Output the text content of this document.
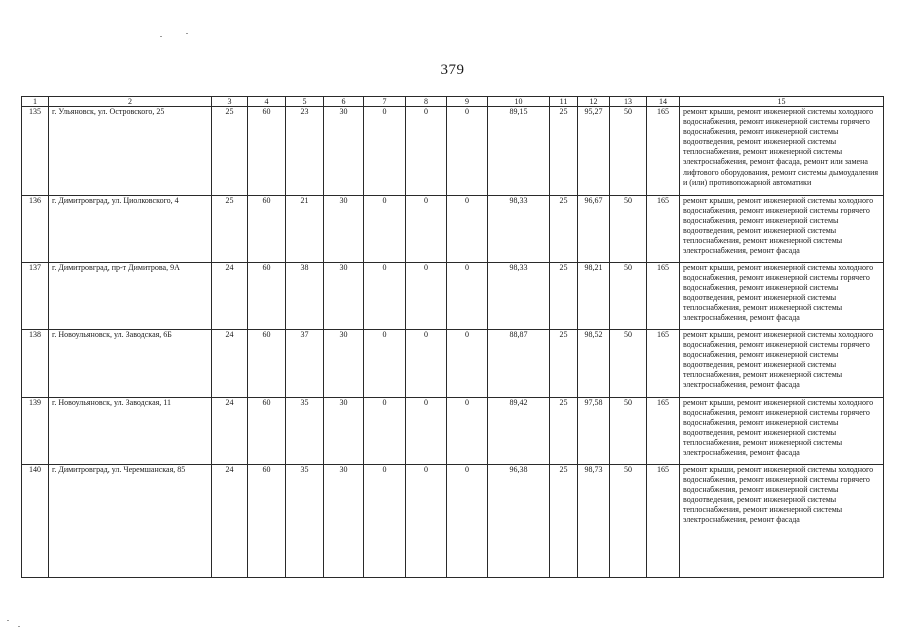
379
1	2	3	4	5	6	7	8	9	10	11	12	13	14	15
135	г. Ульяновск, ул. Островского, 25	25	60	23	30	0	0	0	89,15	25	95,27	50	165	ремонт крыши, ремонт инженерной системы холодного водоснабжения, ремонт инженерной системы горячего водоснабжения, ремонт инженерной системы водоотведения, ремонт инженерной системы теплоснабжения, ремонт инженерной системы электроснабжения, ремонт фасада, ремонт или замена лифтового оборудования, ремонт системы дымоудаления и (или) противопожарной автоматики
136	г. Димитровград, ул. Циолковского, 4	25	60	21	30	0	0	0	98,33	25	96,67	50	165	ремонт крыши, ремонт инженерной системы холодного водоснабжения, ремонт инженерной системы горячего водоснабжения, ремонт инженерной системы водоотведения, ремонт инженерной системы теплоснабжения, ремонт инженерной системы электроснабжения, ремонт фасада
137	г. Димитровград, пр-т Димитрова, 9А	24	60	38	30	0	0	0	98,33	25	98,21	50	165	ремонт крыши, ремонт инженерной системы холодного водоснабжения, ремонт инженерной системы горячего водоснабжения, ремонт инженерной системы водоотведения, ремонт инженерной системы теплоснабжения, ремонт инженерной системы электроснабжения, ремонт фасада
138	г. Новоульяновск, ул. Заводская, 6Б	24	60	37	30	0	0	0	88,87	25	98,52	50	165	ремонт крыши, ремонт инженерной системы холодного водоснабжения, ремонт инженерной системы горячего водоснабжения, ремонт инженерной системы водоотведения, ремонт инженерной системы теплоснабжения, ремонт инженерной системы электроснабжения, ремонт фасада
139	г. Новоульяновск, ул. Заводская, 11	24	60	35	30	0	0	0	89,42	25	97,58	50	165	ремонт крыши, ремонт инженерной системы холодного водоснабжения, ремонт инженерной системы горячего водоснабжения, ремонт инженерной системы водоотведения, ремонт инженерной системы теплоснабжения, ремонт инженерной системы электроснабжения, ремонт фасада
140	г. Димитровград, ул. Черемшанская, 85	24	60	35	30	0	0	0	96,38	25	98,73	50	165	ремонт крыши, ремонт инженерной системы холодного водоснабжения, ремонт инженерной системы горячего водоснабжения, ремонт инженерной системы водоотведения, ремонт инженерной системы теплоснабжения, ремонт инженерной системы электроснабжения, ремонт фасада
